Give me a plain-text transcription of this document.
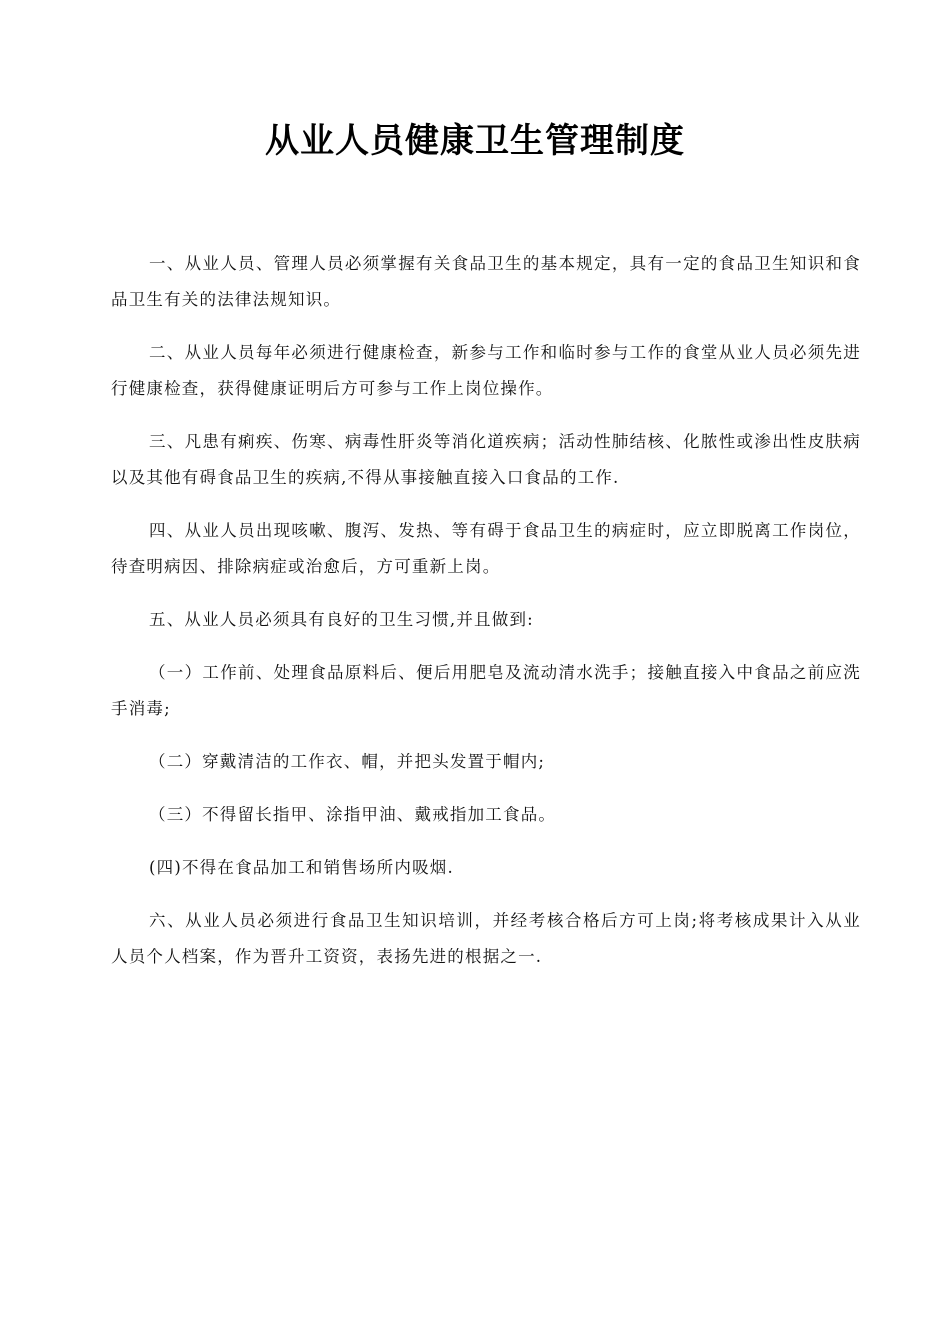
从业人员健康卫生管理制度

一、从业人员、管理人员必须掌握有关食品卫生的基本规定，具有一定的食品卫生知识和食品卫生有关的法律法规知识。

二、从业人员每年必须进行健康检查，新参与工作和临时参与工作的食堂从业人员必须先进行健康检查，获得健康证明后方可参与工作上岗位操作。

三、凡患有痢疾、伤寒、病毒性肝炎等消化道疾病；活动性肺结核、化脓性或渗出性皮肤病以及其他有碍食品卫生的疾病,不得从事接触直接入口食品的工作.

四、从业人员出现咳嗽、腹泻、发热、等有碍于食品卫生的病症时，应立即脱离工作岗位，待查明病因、排除病症或治愈后，方可重新上岗。

五、从业人员必须具有良好的卫生习惯,并且做到:

（一）工作前、处理食品原料后、便后用肥皂及流动清水洗手；接触直接入中食品之前应洗手消毒;

（二）穿戴清洁的工作衣、帽，并把头发置于帽内;

（三）不得留长指甲、涂指甲油、戴戒指加工食品。

(四)不得在食品加工和销售场所内吸烟.

六、从业人员必须进行食品卫生知识培训，并经考核合格后方可上岗;将考核成果计入从业人员个人档案，作为晋升工资资，表扬先进的根据之一.
